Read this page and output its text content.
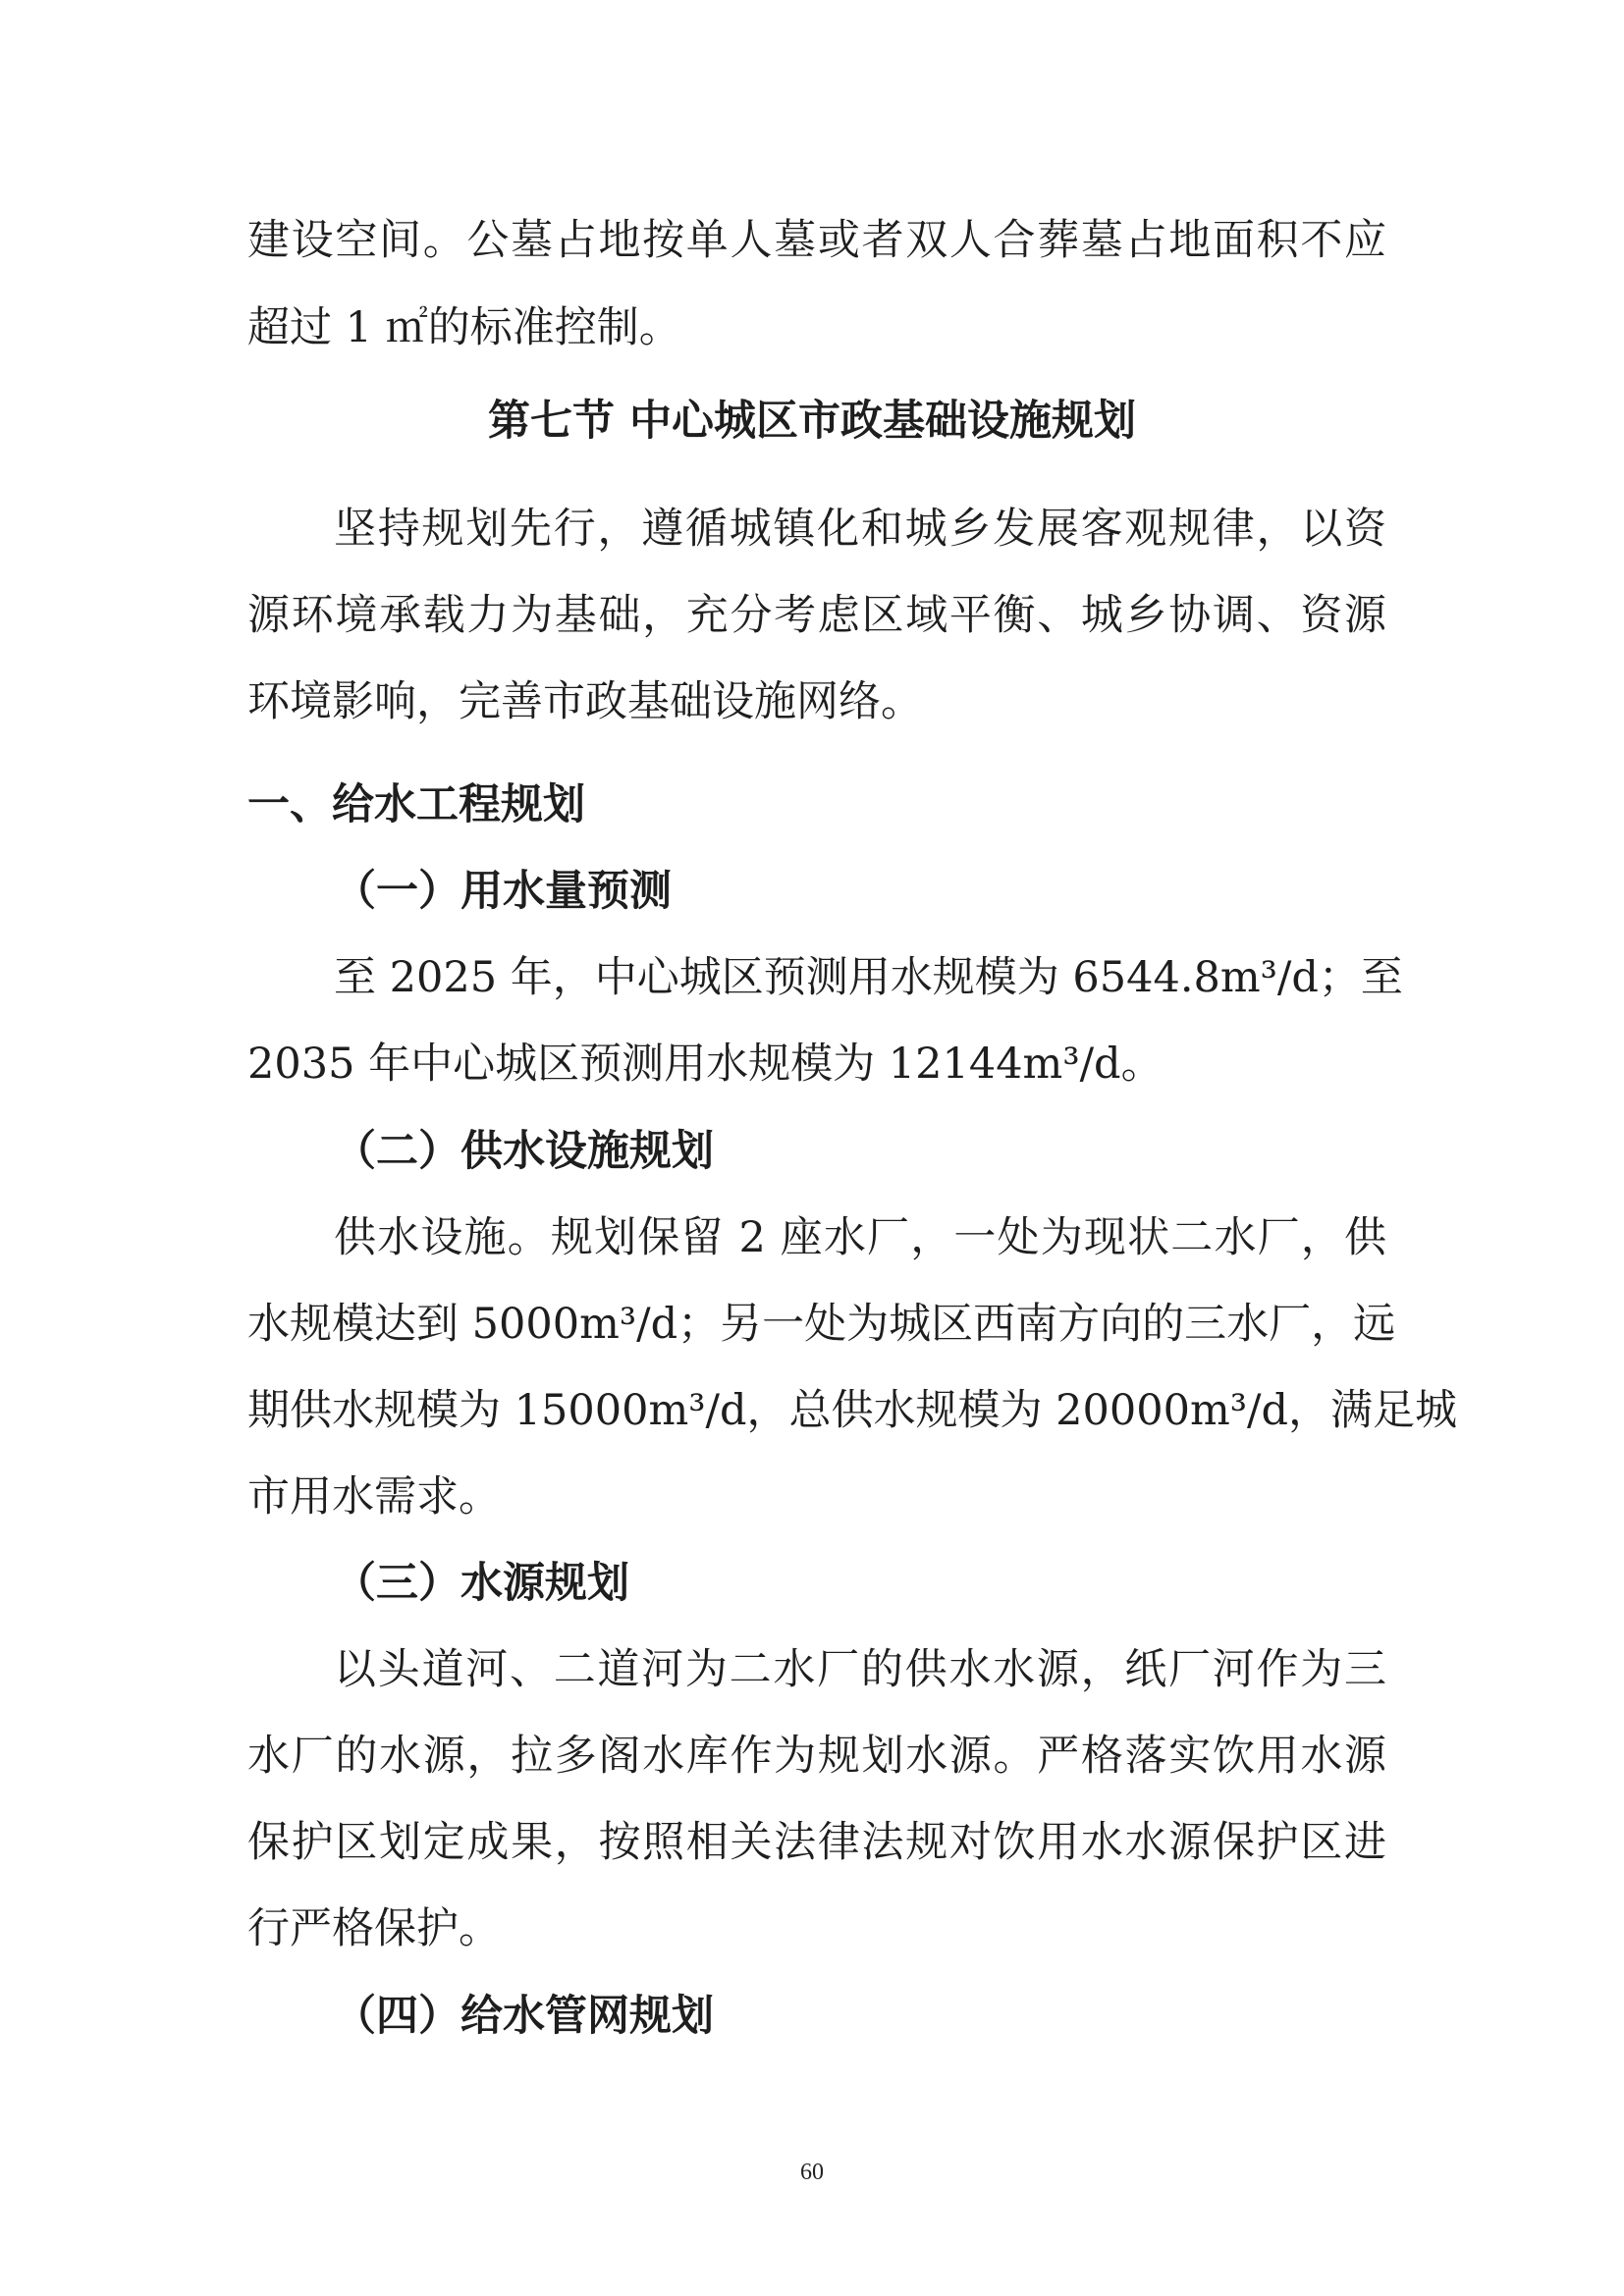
建设空间。公墓占地按单人墓或者双人合葬墓占地面积不应
超过 1 ㎡的标准控制。
第七节 中心城区市政基础设施规划
坚持规划先行，遵循城镇化和城乡发展客观规律，以资
源环境承载力为基础，充分考虑区域平衡、城乡协调、资源
环境影响，完善市政基础设施网络。
一、给水工程规划
（一）用水量预测
至 2025 年，中心城区预测用水规模为 6544.8m³/d；至
2035 年中心城区预测用水规模为 12144m³/d。
（二）供水设施规划
供水设施。规划保留 2 座水厂，一处为现状二水厂，供
水规模达到 5000m³/d；另一处为城区西南方向的三水厂，远
期供水规模为 15000m³/d，总供水规模为 20000m³/d，满足城
市用水需求。
（三）水源规划
以头道河、二道河为二水厂的供水水源，纸厂河作为三
水厂的水源，拉多阁水库作为规划水源。严格落实饮用水源
保护区划定成果，按照相关法律法规对饮用水水源保护区进
行严格保护。
（四）给水管网规划
60
